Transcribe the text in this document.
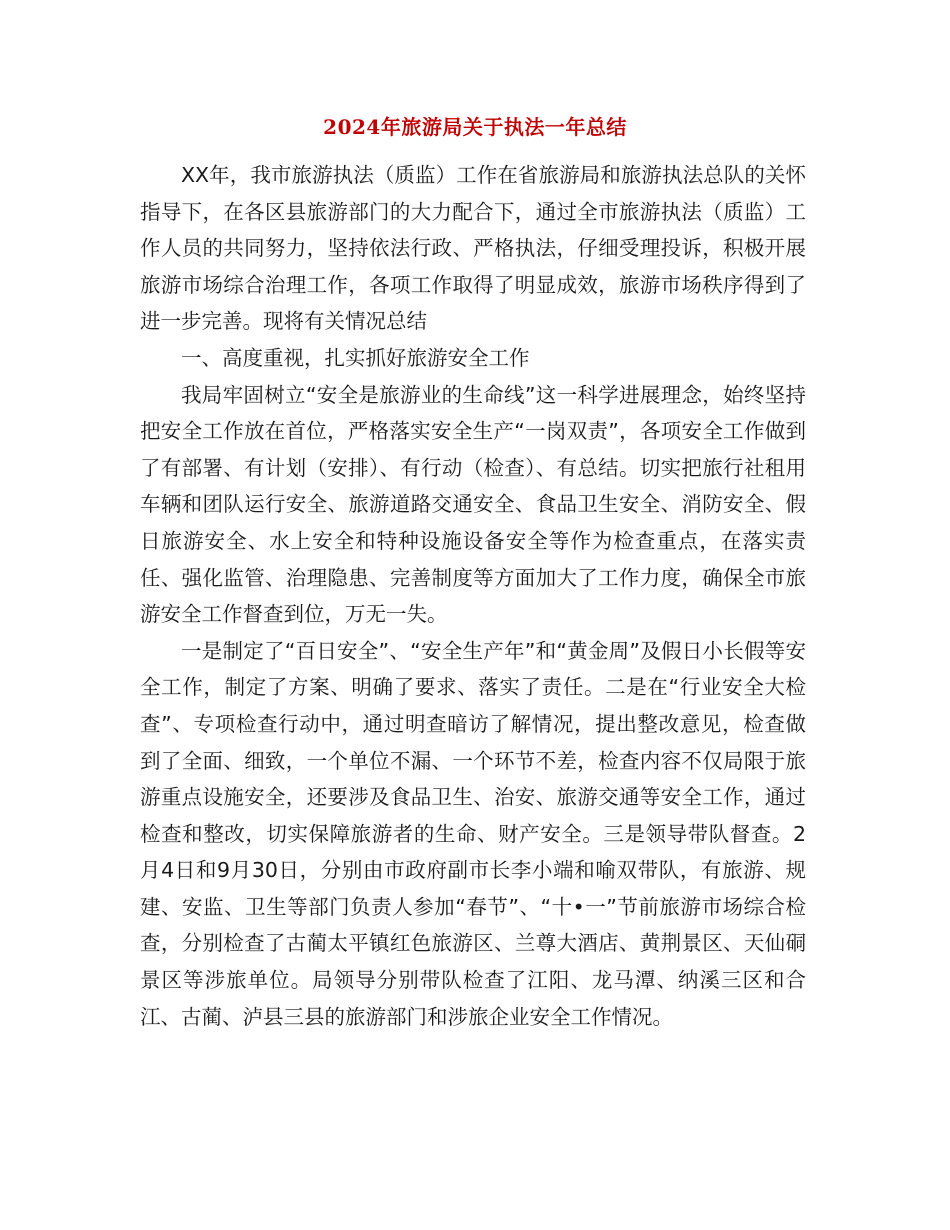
2024年旅游局关于执法一年总结

XX年，我市旅游执法（质监）工作在省旅游局和旅游执法总队的关怀指导下，在各区县旅游部门的大力配合下，通过全市旅游执法（质监）工作人员的共同努力，坚持依法行政、严格执法，仔细受理投诉，积极开展旅游市场综合治理工作，各项工作取得了明显成效，旅游市场秩序得到了进一步完善。现将有关情况总结

一、高度重视，扎实抓好旅游安全工作

我局牢固树立“安全是旅游业的生命线”这一科学进展理念，始终坚持把安全工作放在首位，严格落实安全生产“一岗双责”，各项安全工作做到了有部署、有计划（安排）、有行动（检查）、有总结。切实把旅行社租用车辆和团队运行安全、旅游道路交通安全、食品卫生安全、消防安全、假日旅游安全、水上安全和特种设施设备安全等作为检查重点，在落实责任、强化监管、治理隐患、完善制度等方面加大了工作力度，确保全市旅游安全工作督查到位，万无一失。

一是制定了“百日安全”、“安全生产年”和“黄金周”及假日小长假等安全工作，制定了方案、明确了要求、落实了责任。二是在“行业安全大检查”、专项检查行动中，通过明查暗访了解情况，提出整改意见，检查做到了全面、细致，一个单位不漏、一个环节不差，检查内容不仅局限于旅游重点设施安全，还要涉及食品卫生、治安、旅游交通等安全工作，通过检查和整改，切实保障旅游者的生命、财产安全。三是领导带队督查。2月4日和9月30日，分别由市政府副市长李小端和喻双带队，有旅游、规建、安监、卫生等部门负责人参加“春节”、“十•一”节前旅游市场综合检查，分别检查了古蔺太平镇红色旅游区、兰尊大酒店、黄荆景区、天仙硐景区等涉旅单位。局领导分别带队检查了江阳、龙马潭、纳溪三区和合江、古蔺、泸县三县的旅游部门和涉旅企业安全工作情况。
